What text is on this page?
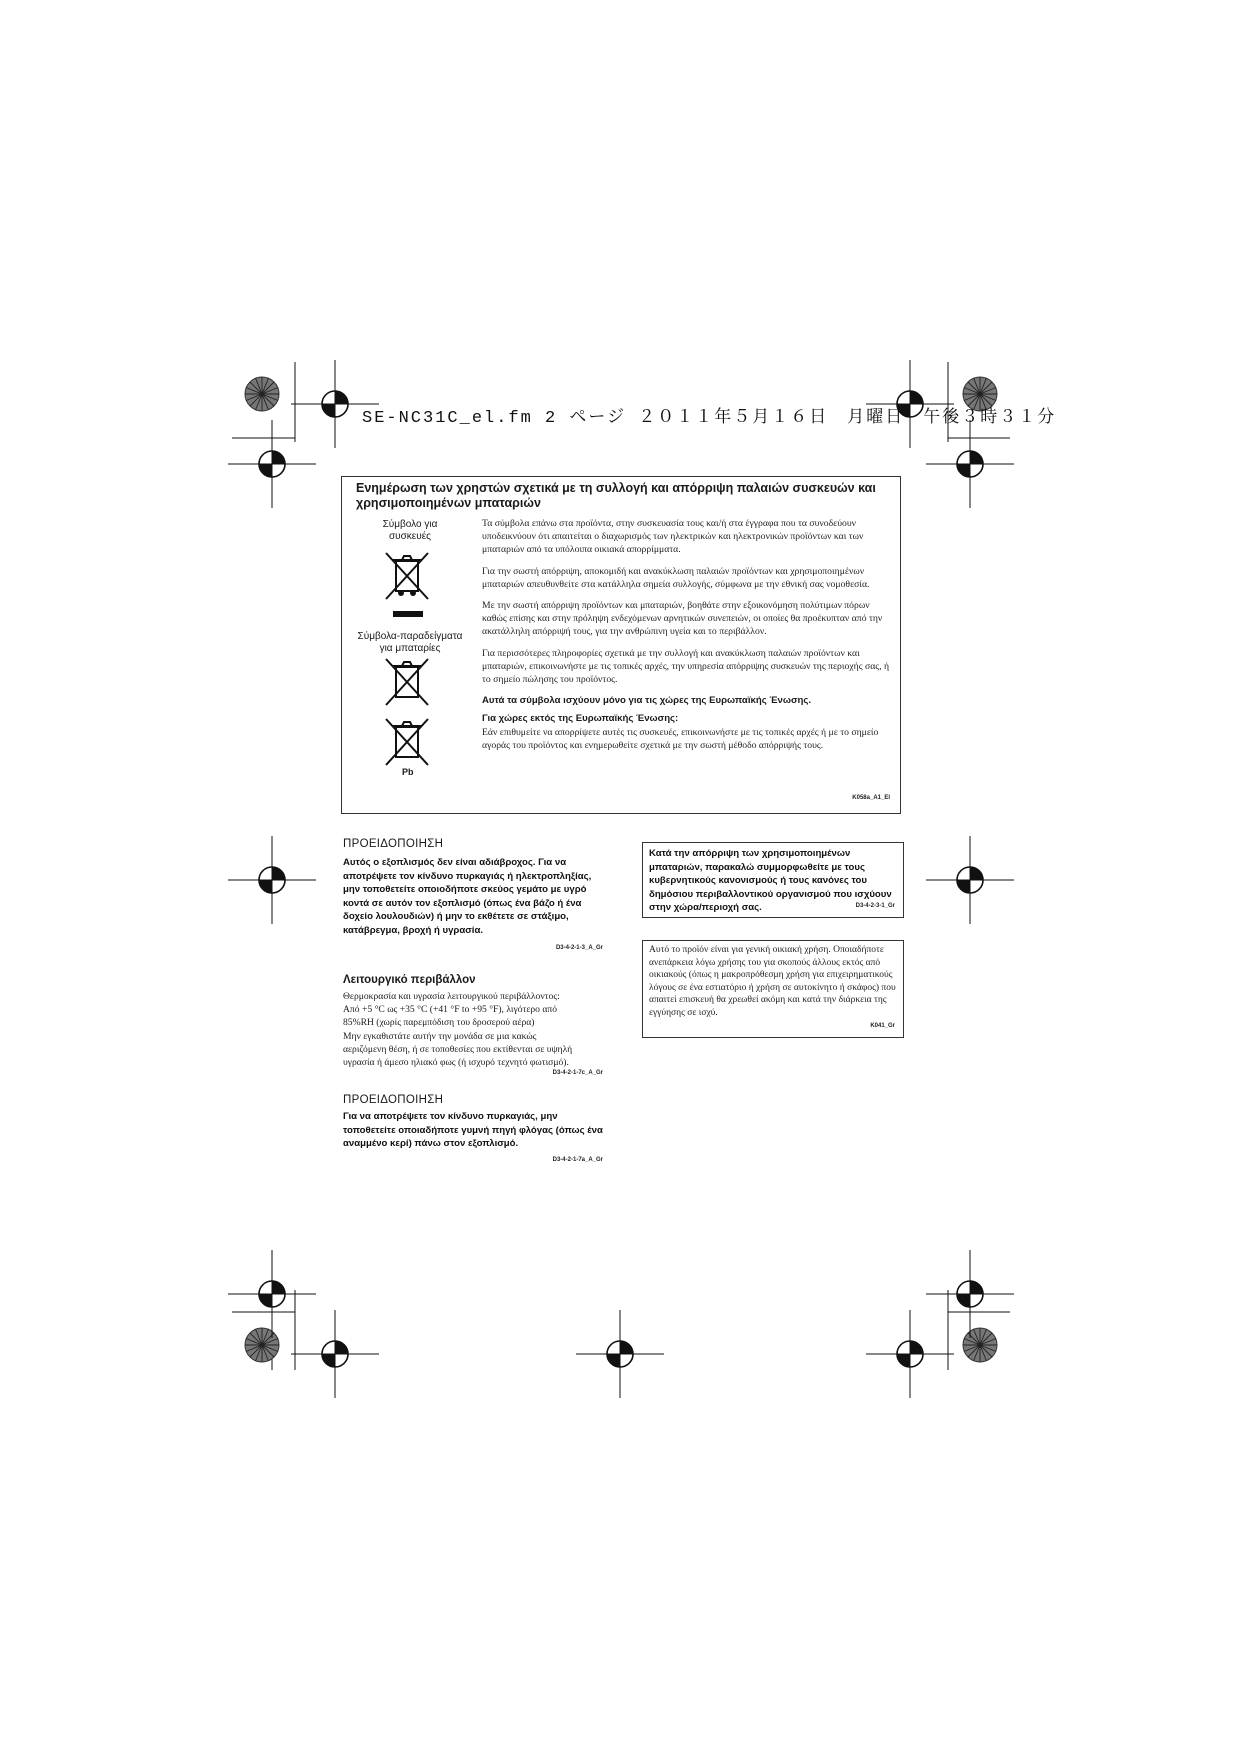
SE-NC31C_el.fm 2 ページ ２０１１年５月１６日　月曜日　午後３時３１分
Ενημέρωση των χρηστών σχετικά με τη συλλογή και απόρριψη παλαιών συσκευών και χρησιμοποιημένων μπαταριών
Σύμβολο για
συσκευές
Σύμβολα-παραδείγματα
για μπαταρίες
Pb

Τα σύμβολα επάνω στα προϊόντα, στην συσκευασία τους και/ή στα έγγραφα που τα συνοδεύουν υποδεικνύουν ότι απαιτείται ο διαχωρισμός των ηλεκτρικών και ηλεκτρονικών προϊόντων και των μπαταριών από τα υπόλοιπα οικιακά απορρίμματα.

Για την σωστή απόρριψη, αποκομιδή και ανακύκλωση παλαιών προϊόντων και χρησιμοποιημένων μπαταριών απευθυνθείτε στα κατάλληλα σημεία συλλογής, σύμφωνα με την εθνική σας νομοθεσία.

Με την σωστή απόρριψη προϊόντων και μπαταριών, βοηθάτε στην εξοικονόμηση πολύτιμων πόρων καθώς επίσης και στην πρόληψη ενδεχόμενων αρνητικών συνεπειών, οι οποίες θα προέκυπταν από την ακατάλληλη απόρριψή τους, για την ανθρώπινη υγεία και το περιβάλλον.

Για περισσότερες πληροφορίες σχετικά με την συλλογή και ανακύκλωση παλαιών προϊόντων και μπαταριών, επικοινωνήστε με τις τοπικές αρχές, την υπηρεσία απόρριψης συσκευών της περιοχής σας, ή το σημείο πώλησης του προϊόντος.

Αυτά τα σύμβολα ισχύουν μόνο για τις χώρες της Ευρωπαϊκής Ένωσης.

Για χώρες εκτός της Ευρωπαϊκής Ένωσης:

Εάν επιθυμείτε να απορρίψετε αυτές τις συσκευές, επικοινωνήστε με τις τοπικές αρχές ή με το σημείο αγοράς του προϊόντος και ενημερωθείτε σχετικά με την σωστή μέθοδο απόρριψής τους.

K058a_A1_El
ΠΡΟΕΙΔΟΠΟΙΗΣΗ
Αυτός ο εξοπλισμός δεν είναι αδιάβροχος. Για να αποτρέψετε τον κίνδυνο πυρκαγιάς ή ηλεκτροπληξίας, μην τοποθετείτε οποιοδήποτε σκεύος γεμάτο με υγρό κοντά σε αυτόν τον εξοπλισμό (όπως ένα βάζο ή ένα δοχείο λουλουδιών) ή μην το εκθέτετε σε στάξιμο, κατάβρεγμα, βροχή ή υγρασία.
D3-4-2-1-3_A_Gr
Λειτουργικό περιβάλλον
Θερμοκρασία και υγρασία λειτουργικού περιβάλλοντος:
Από +5 °C ως +35 °C (+41 °F to +95 °F), λιγότερο από
85%RH (χωρίς παρεμπόδιση του δροσερού αέρα)
Μην εγκαθιστάτε αυτήν την μονάδα σε μια κακώς
αεριζόμενη θέση, ή σε τοποθεσίες που εκτίθενται σε υψηλή
υγρασία ή άμεσο ηλιακό φως (ή ισχυρό τεχνητό φωτισμό).
D3-4-2-1-7c_A_Gr
ΠΡΟΕΙΔΟΠΟΙΗΣΗ
Για να αποτρέψετε τον κίνδυνο πυρκαγιάς, μην τοποθετείτε οποιαδήποτε γυμνή πηγή φλόγας (όπως ένα αναμμένο κερί) πάνω στον εξοπλισμό.
D3-4-2-1-7a_A_Gr
Κατά την απόρριψη των χρησιμοποιημένων μπαταριών, παρακαλώ συμμορφωθείτε με τους κυβερνητικούς κανονισμούς ή τους κανόνες του δημόσιου περιβαλλοντικού οργανισμού που ισχύουν στην χώρα/περιοχή σας.	D3-4-2-3-1_Gr
Αυτό το προϊόν είναι για γενική οικιακή χρήση. Οποιαδήποτε ανεπάρκεια λόγω χρήσης του για σκοπούς άλλους εκτός από οικιακούς (όπως η μακροπρόθεσμη χρήση για επιχειρηματικούς λόγους σε ένα εστιατόριο ή χρήση σε αυτοκίνητο ή σκάφος) που απαιτεί επισκευή θα χρεωθεί ακόμη και κατά την διάρκεια της εγγύησης σε ισχύ.
K041_Gr
